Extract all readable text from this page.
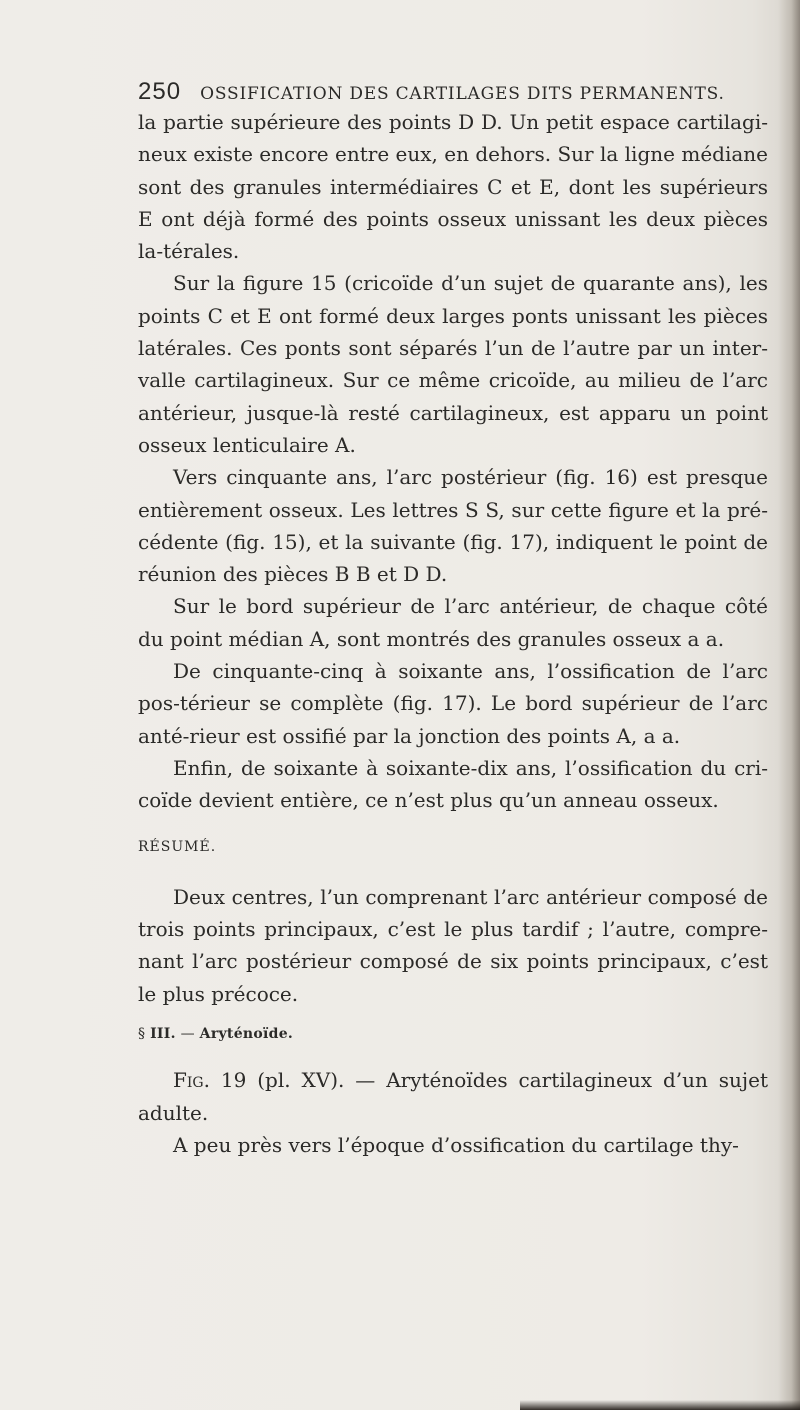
250 OSSIFICATION DES CARTILAGES DITS PERMANENTS.

la partie supérieure des points D D. Un petit espace cartilagi-neux existe encore entre eux, en dehors. Sur la ligne médiane sont des granules intermédiaires C et E, dont les supérieurs E ont déjà formé des points osseux unissant les deux pièces la-térales.

Sur la figure 15 (cricoïde d’un sujet de quarante ans), les points C et E ont formé deux larges ponts unissant les pièces latérales. Ces ponts sont séparés l’un de l’autre par un inter-valle cartilagineux. Sur ce même cricoïde, au milieu de l’arc antérieur, jusque-là resté cartilagineux, est apparu un point osseux lenticulaire A.

Vers cinquante ans, l’arc postérieur (fig. 16) est presque entièrement osseux. Les lettres S S, sur cette figure et la pré-cédente (fig. 15), et la suivante (fig. 17), indiquent le point de réunion des pièces B B et D D.

Sur le bord supérieur de l’arc antérieur, de chaque côté du point médian A, sont montrés des granules osseux a a.

De cinquante-cinq à soixante ans, l’ossification de l’arc pos-térieur se complète (fig. 17). Le bord supérieur de l’arc anté-rieur est ossifié par la jonction des points A, a a.

Enfin, de soixante à soixante-dix ans, l’ossification du cri-coïde devient entière, ce n’est plus qu’un anneau osseux.

RÉSUMÉ.

Deux centres, l’un comprenant l’arc antérieur composé de trois points principaux, c’est le plus tardif ; l’autre, compre-nant l’arc postérieur composé de six points principaux, c’est le plus précoce.

§ III. — Aryténoïde.

Fig. 19 (pl. XV). — Aryténoïdes cartilagineux d’un sujet adulte.

A peu près vers l’époque d’ossification du cartilage thy-
